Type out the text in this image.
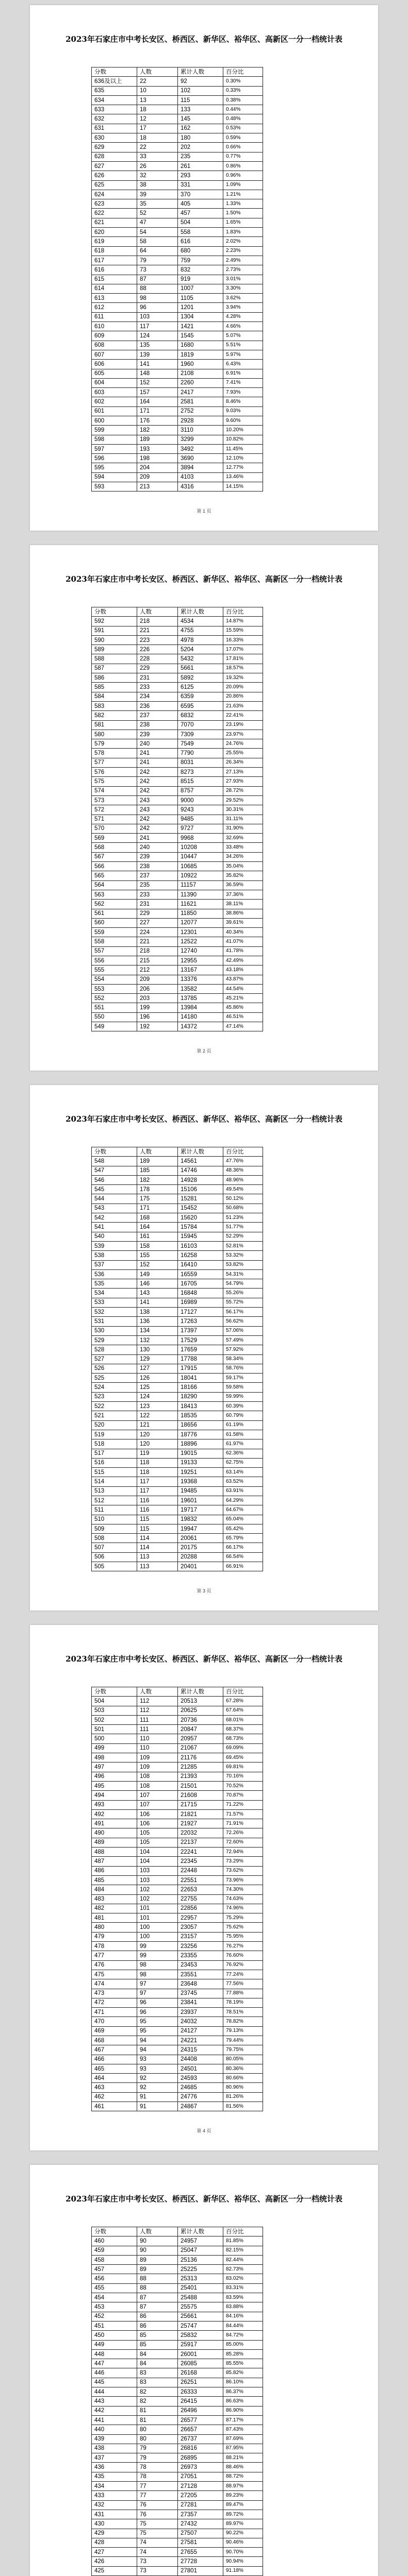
2023年石家庄市中考长安区、桥西区、新华区、裕华区、高新区一分一档统计表
分数	人数	累计人数	百分比
636及以上	22	92	0.30%
635	10	102	0.33%
634	13	115	0.38%
633	18	133	0.44%
632	12	145	0.48%
631	17	162	0.53%
630	18	180	0.59%
629	22	202	0.66%
628	33	235	0.77%
627	26	261	0.86%
626	32	293	0.96%
625	38	331	1.09%
624	39	370	1.21%
623	35	405	1.33%
622	52	457	1.50%
621	47	504	1.65%
620	54	558	1.83%
619	58	616	2.02%
618	64	680	2.23%
617	79	759	2.49%
616	73	832	2.73%
615	87	919	3.01%
614	88	1007	3.30%
613	98	1105	3.62%
612	96	1201	3.94%
611	103	1304	4.28%
610	117	1421	4.66%
609	124	1545	5.07%
608	135	1680	5.51%
607	139	1819	5.97%
606	141	1960	6.43%
605	148	2108	6.91%
604	152	2260	7.41%
603	157	2417	7.93%
602	164	2581	8.46%
601	171	2752	9.03%
600	176	2928	9.60%
599	182	3110	10.20%
598	189	3299	10.82%
597	193	3492	11.45%
596	198	3690	12.10%
595	204	3894	12.77%
594	209	4103	13.46%
593	213	4316	14.15%
第 1 页
2023年石家庄市中考长安区、桥西区、新华区、裕华区、高新区一分一档统计表
分数	人数	累计人数	百分比
592	218	4534	14.87%
591	221	4755	15.59%
590	223	4978	16.33%
589	226	5204	17.07%
588	228	5432	17.81%
587	229	5661	18.57%
586	231	5892	19.32%
585	233	6125	20.09%
584	234	6359	20.86%
583	236	6595	21.63%
582	237	6832	22.41%
581	238	7070	23.19%
580	239	7309	23.97%
579	240	7549	24.76%
578	241	7790	25.55%
577	241	8031	26.34%
576	242	8273	27.13%
575	242	8515	27.93%
574	242	8757	28.72%
573	243	9000	29.52%
572	243	9243	30.31%
571	242	9485	31.11%
570	242	9727	31.90%
569	241	9968	32.69%
568	240	10208	33.48%
567	239	10447	34.26%
566	238	10685	35.04%
565	237	10922	35.82%
564	235	11157	36.59%
563	233	11390	37.36%
562	231	11621	38.11%
561	229	11850	38.86%
560	227	12077	39.61%
559	224	12301	40.34%
558	221	12522	41.07%
557	218	12740	41.78%
556	215	12955	42.49%
555	212	13167	43.18%
554	209	13376	43.87%
553	206	13582	44.54%
552	203	13785	45.21%
551	199	13984	45.86%
550	196	14180	46.51%
549	192	14372	47.14%
第 2 页
2023年石家庄市中考长安区、桥西区、新华区、裕华区、高新区一分一档统计表
分数	人数	累计人数	百分比
548	189	14561	47.76%
547	185	14746	48.36%
546	182	14928	48.96%
545	178	15106	49.54%
544	175	15281	50.12%
543	171	15452	50.68%
542	168	15620	51.23%
541	164	15784	51.77%
540	161	15945	52.29%
539	158	16103	52.81%
538	155	16258	53.32%
537	152	16410	53.82%
536	149	16559	54.31%
535	146	16705	54.79%
534	143	16848	55.26%
533	141	16989	55.72%
532	138	17127	56.17%
531	136	17263	56.62%
530	134	17397	57.06%
529	132	17529	57.49%
528	130	17659	57.92%
527	129	17788	58.34%
526	127	17915	58.76%
525	126	18041	59.17%
524	125	18166	59.58%
523	124	18290	59.99%
522	123	18413	60.39%
521	122	18535	60.79%
520	121	18656	61.19%
519	120	18776	61.58%
518	120	18896	61.97%
517	119	19015	62.36%
516	118	19133	62.75%
515	118	19251	63.14%
514	117	19368	63.52%
513	117	19485	63.91%
512	116	19601	64.29%
511	116	19717	64.67%
510	115	19832	65.04%
509	115	19947	65.42%
508	114	20061	65.79%
507	114	20175	66.17%
506	113	20288	66.54%
505	113	20401	66.91%
第 3 页
2023年石家庄市中考长安区、桥西区、新华区、裕华区、高新区一分一档统计表
分数	人数	累计人数	百分比
504	112	20513	67.28%
503	112	20625	67.64%
502	111	20736	68.01%
501	111	20847	68.37%
500	110	20957	68.73%
499	110	21067	69.09%
498	109	21176	69.45%
497	109	21285	69.81%
496	108	21393	70.16%
495	108	21501	70.52%
494	107	21608	70.87%
493	107	21715	71.22%
492	106	21821	71.57%
491	106	21927	71.91%
490	105	22032	72.26%
489	105	22137	72.60%
488	104	22241	72.94%
487	104	22345	73.29%
486	103	22448	73.62%
485	103	22551	73.96%
484	102	22653	74.30%
483	102	22755	74.63%
482	101	22856	74.96%
481	101	22957	75.29%
480	100	23057	75.62%
479	100	23157	75.95%
478	99	23256	76.27%
477	99	23355	76.60%
476	98	23453	76.92%
475	98	23551	77.24%
474	97	23648	77.56%
473	97	23745	77.88%
472	96	23841	78.19%
471	96	23937	78.51%
470	95	24032	78.82%
469	95	24127	79.13%
468	94	24221	79.44%
467	94	24315	79.75%
466	93	24408	80.05%
465	93	24501	80.36%
464	92	24593	80.66%
463	92	24685	80.96%
462	91	24776	81.26%
461	91	24867	81.56%
第 4 页
2023年石家庄市中考长安区、桥西区、新华区、裕华区、高新区一分一档统计表
分数	人数	累计人数	百分比
460	90	24957	81.85%
459	90	25047	82.15%
458	89	25136	82.44%
457	89	25225	82.73%
456	88	25313	83.02%
455	88	25401	83.31%
454	87	25488	83.59%
453	87	25575	83.88%
452	86	25661	84.16%
451	86	25747	84.44%
450	85	25832	84.72%
449	85	25917	85.00%
448	84	26001	85.28%
447	84	26085	85.55%
446	83	26168	85.82%
445	83	26251	86.10%
444	82	26333	86.37%
443	82	26415	86.63%
442	81	26496	86.90%
441	81	26577	87.17%
440	80	26657	87.43%
439	80	26737	87.69%
438	79	26816	87.95%
437	79	26895	88.21%
436	78	26973	88.46%
435	78	27051	88.72%
434	77	27128	88.97%
433	77	27205	89.23%
432	76	27281	89.47%
431	76	27357	89.72%
430	75	27432	89.97%
429	75	27507	90.22%
428	74	27581	90.46%
427	74	27655	90.70%
426	73	27728	90.94%
425	73	27801	91.18%
